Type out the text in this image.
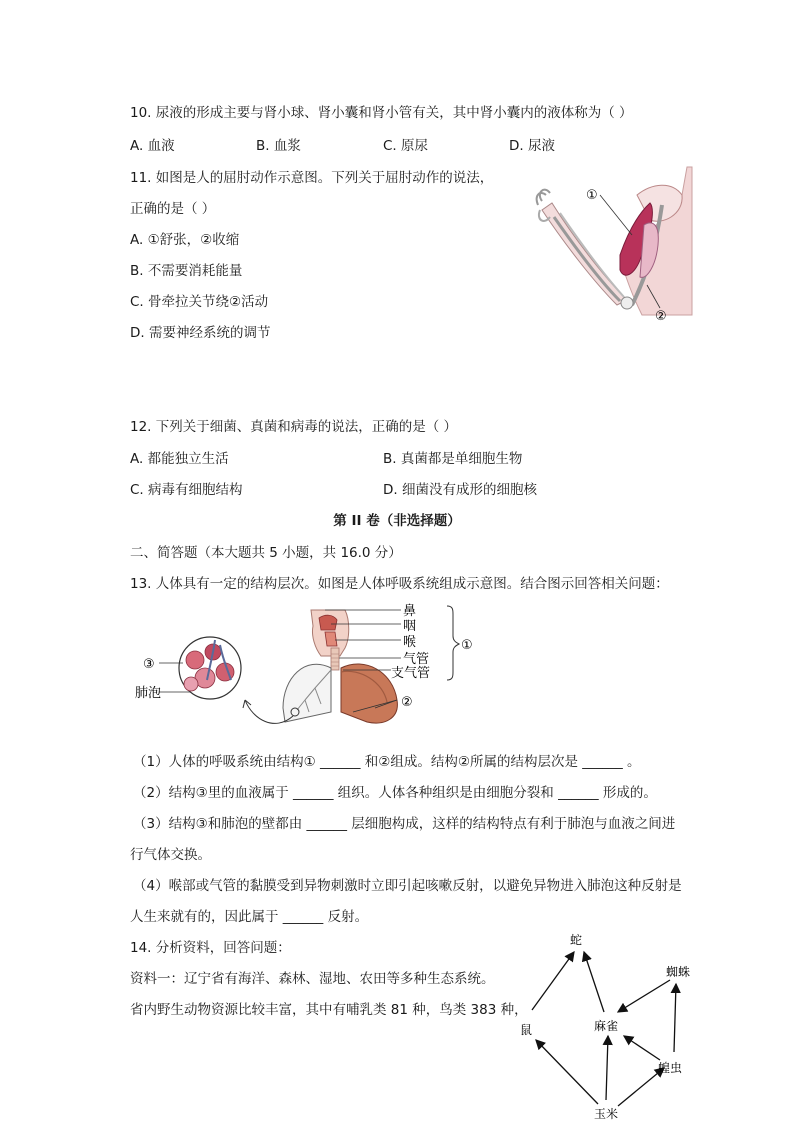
10. 尿液的形成主要与肾小球、肾小囊和肾小管有关，其中肾小囊内的液体称为（ ）
A. 血液	B. 血浆	C. 原尿	D. 尿液
11. 如图是人的屈肘动作示意图。下列关于屈肘动作的说法，
正确的是（ ）
A. ①舒张，②收缩
B. 不需要消耗能量
C. 骨牵拉关节绕②活动
D. 需要神经系统的调节
①
②
12. 下列关于细菌、真菌和病毒的说法，正确的是（ ）
A. 都能独立生活	B. 真菌都是单细胞生物
C. 病毒有细胞结构	D. 细菌没有成形的细胞核
第 II 卷（非选择题）
二、简答题（本大题共 5 小题，共 16.0 分）
13. 人体具有一定的结构层次。如图是人体呼吸系统组成示意图。结合图示回答相关问题：
鼻
咽
喉
气管
支气管
①
②
③
肺泡
（1）人体的呼吸系统由结构① ______ 和②组成。结构②所属的结构层次是 ______ 。
（2）结构③里的血液属于 ______ 组织。人体各种组织是由细胞分裂和 ______ 形成的。
（3）结构③和肺泡的壁都由 ______ 层细胞构成，这样的结构特点有利于肺泡与血液之间进
行气体交换。
（4）喉部或气管的黏膜受到异物刺激时立即引起咳嗽反射，以避免异物进入肺泡这种反射是
人生来就有的，因此属于 ______ 反射。
14. 分析资料，回答问题：
资料一：辽宁省有海洋、森林、湿地、农田等多种生态系统。
省内野生动物资源比较丰富，其中有哺乳类 81 种，鸟类 383 种，
蛇
蜘蛛
鼠	麻雀
蝗虫
玉米
